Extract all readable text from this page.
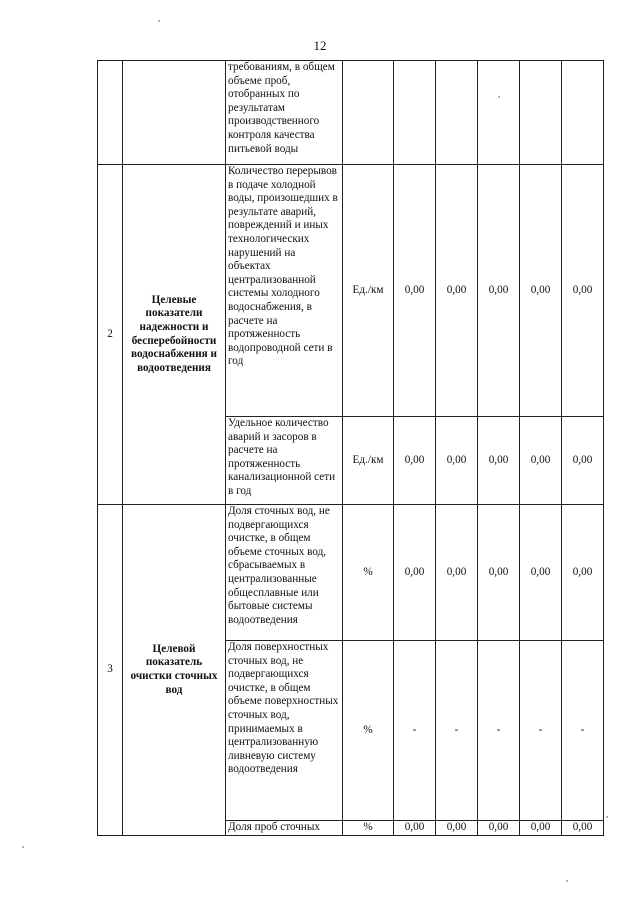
12
		требованиям, в общем объеме проб, отобранных по результатам производственного контроля качества питьевой воды						
2	Целевые показатели надежности и бесперебойности водоснабжения и водоотведения	Количество перерывов в подаче холодной воды, произошедших в результате аварий, повреждений и иных технологических нарушений на объектах централизованной системы холодного водоснабжения, в расчете на протяженность водопроводной сети в год	Ед./км	0,00	0,00	0,00	0,00	0,00
		Удельное количество аварий и засоров в расчете на протяженность канализационной сети в год	Ед./км	0,00	0,00	0,00	0,00	0,00
3	Целевой показатель очистки сточных вод	Доля сточных вод, не подвергающихся очистке, в общем объеме сточных вод, сбрасываемых в централизованные общесплавные или бытовые системы водоотведения	%	0,00	0,00	0,00	0,00	0,00
		Доля поверхностных сточных вод, не подвергающихся очистке, в общем объеме поверхностных сточных вод, принимаемых в централизованную ливневую систему водоотведения	%	-	-	-	-	-
		Доля проб сточных	%	0,00	0,00	0,00	0,00	0,00
